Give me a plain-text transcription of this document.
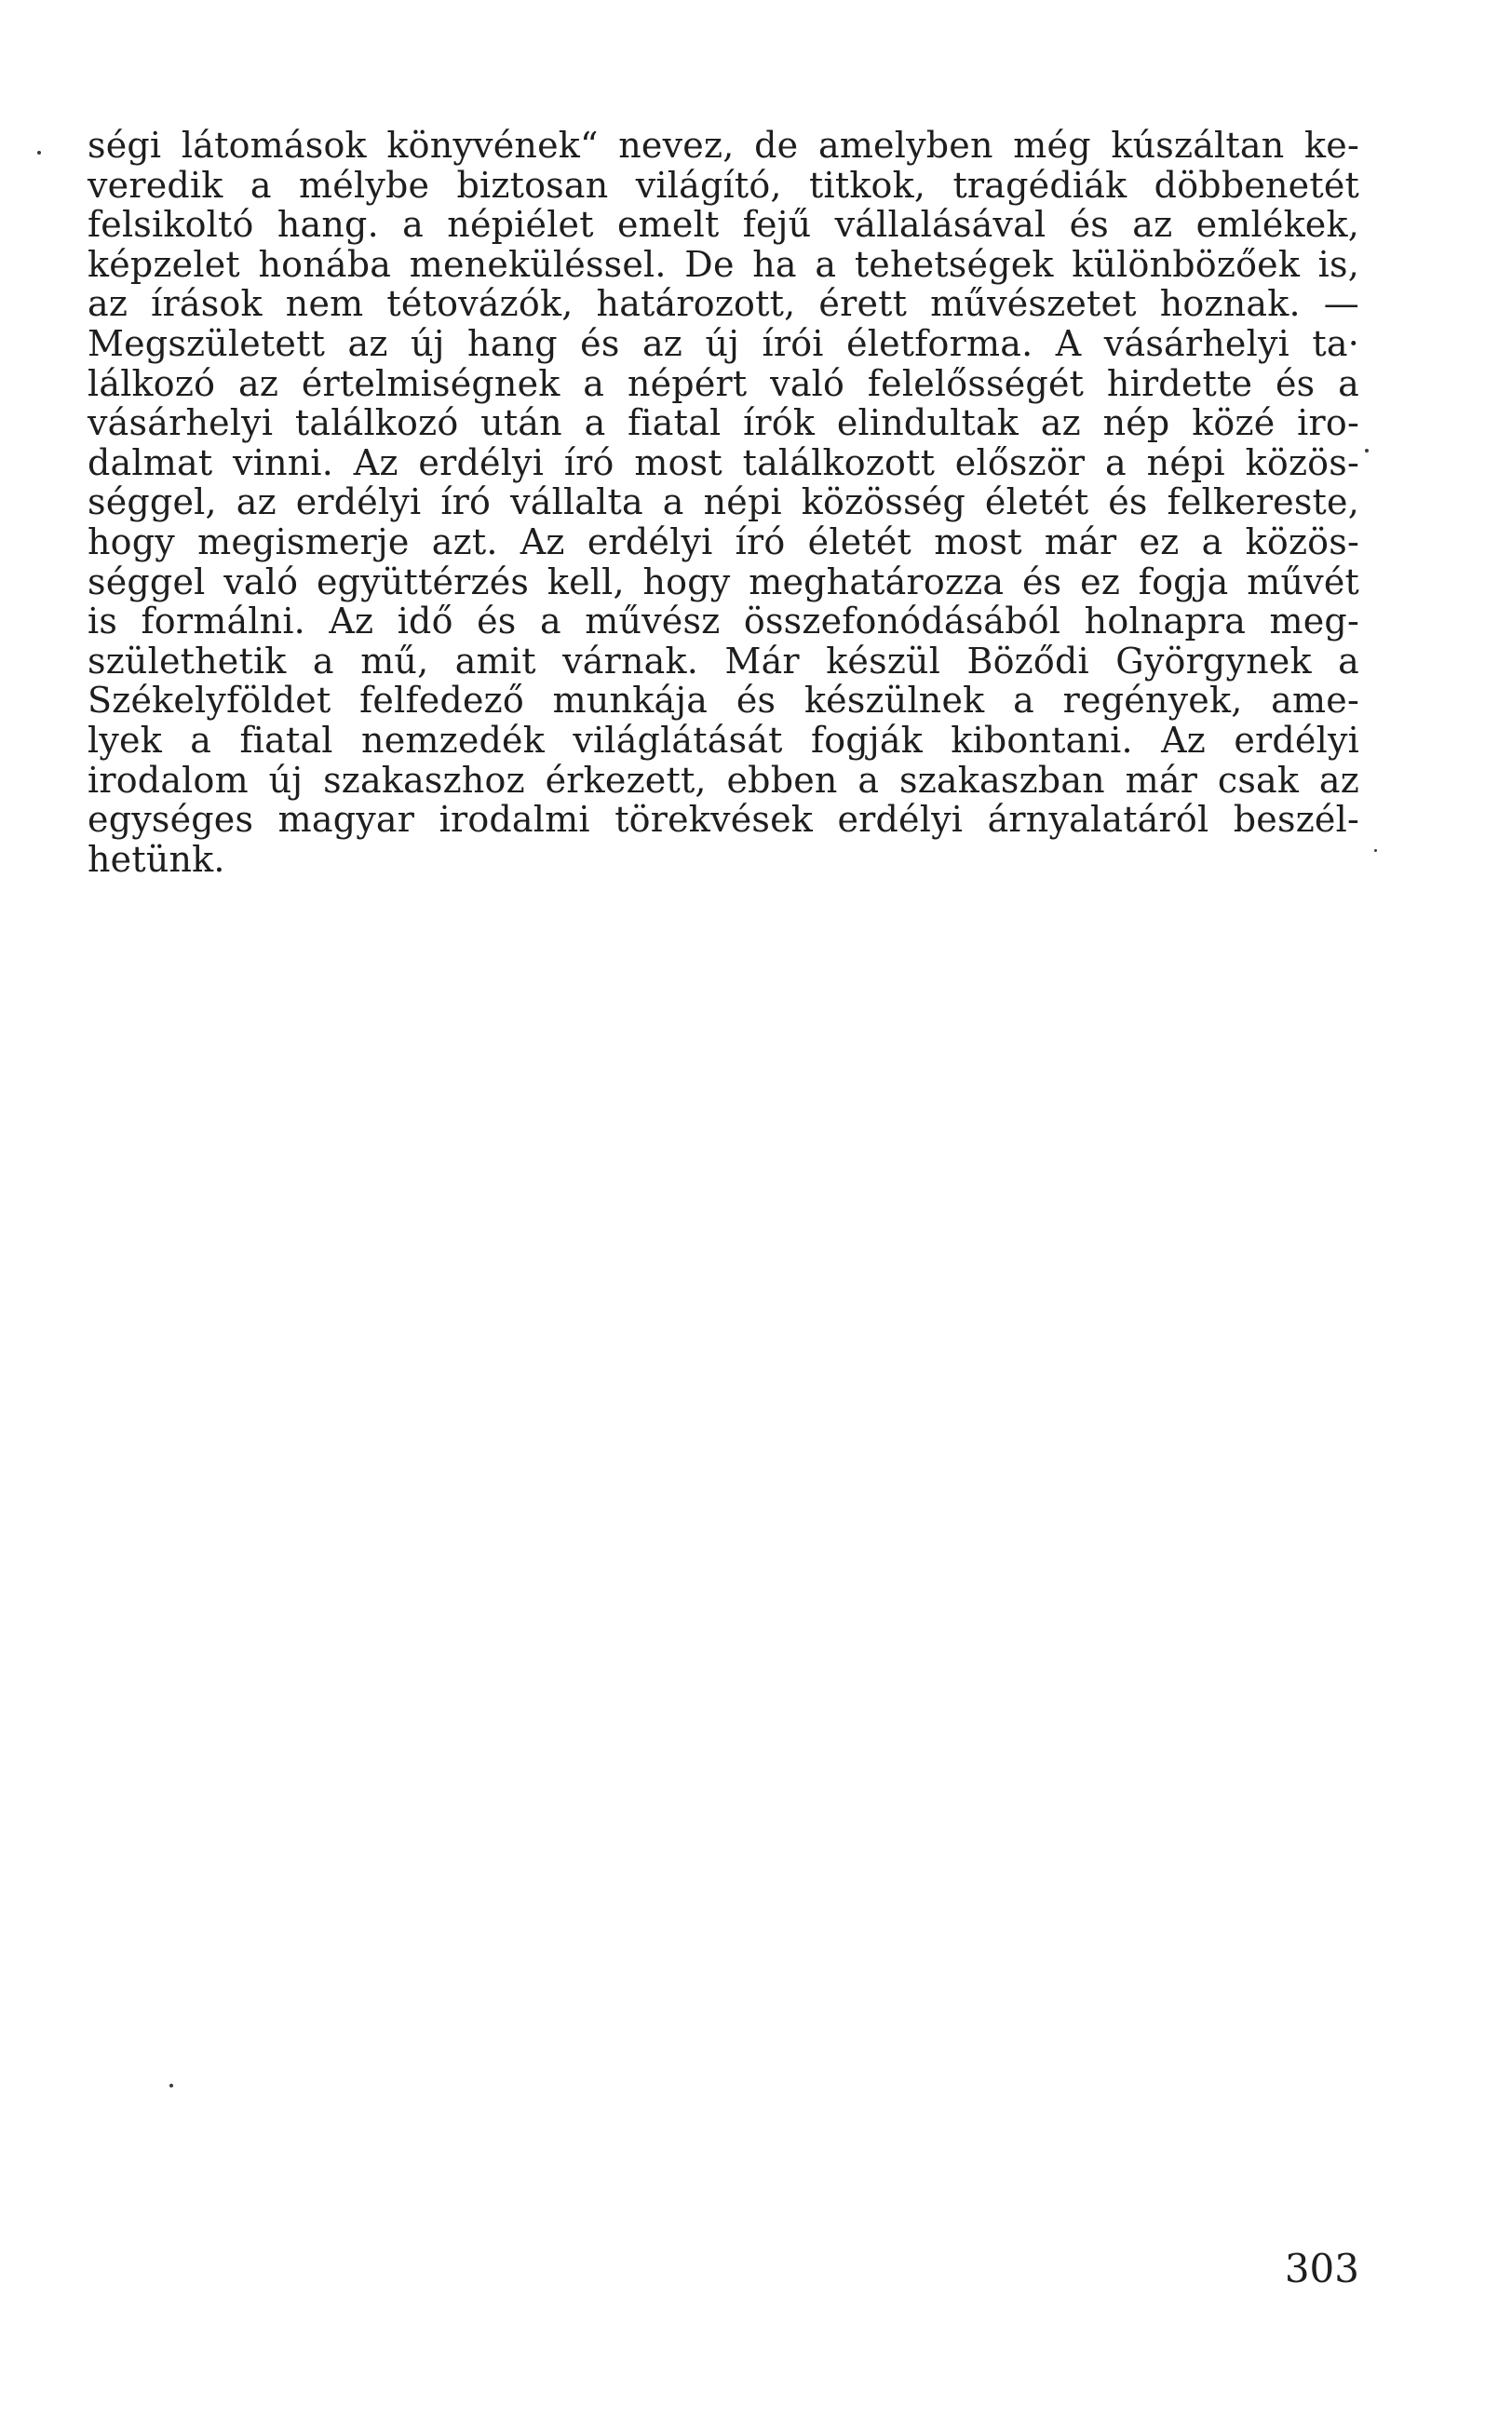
ségi látomások könyvének“ nevez, de amelyben még kúszáltan ke-
veredik a mélybe biztosan világító, titkok, tragédiák döbbenetét
felsikoltó hang. a népiélet emelt fejű vállalásával és az emlékek,
képzelet honába meneküléssel. De ha a tehetségek különbözőek is,
az írások nem tétovázók, határozott, érett művészetet hoznak. —
Megszületett az új hang és az új írói életforma. A vásárhelyi ta·
lálkozó az értelmiségnek a népért való felelősségét hirdette és a
vásárhelyi találkozó után a fiatal írók elindultak az nép közé iro-
dalmat vinni. Az erdélyi író most találkozott először a népi közös-
séggel, az erdélyi író vállalta a népi közösség életét és felkereste,
hogy megismerje azt. Az erdélyi író életét most már ez a közös-
séggel való együttérzés kell, hogy meghatározza és ez fogja művét
is formálni. Az idő és a művész összefonódásából holnapra meg-
születhetik a mű, amit várnak. Már készül Böződi Györgynek a
Székelyföldet felfedező munkája és készülnek a regények, ame-
lyek a fiatal nemzedék világlátását fogják kibontani. Az erdélyi
irodalom új szakaszhoz érkezett, ebben a szakaszban már csak az
egységes magyar irodalmi törekvések erdélyi árnyalatáról beszél-
hetünk.
303
